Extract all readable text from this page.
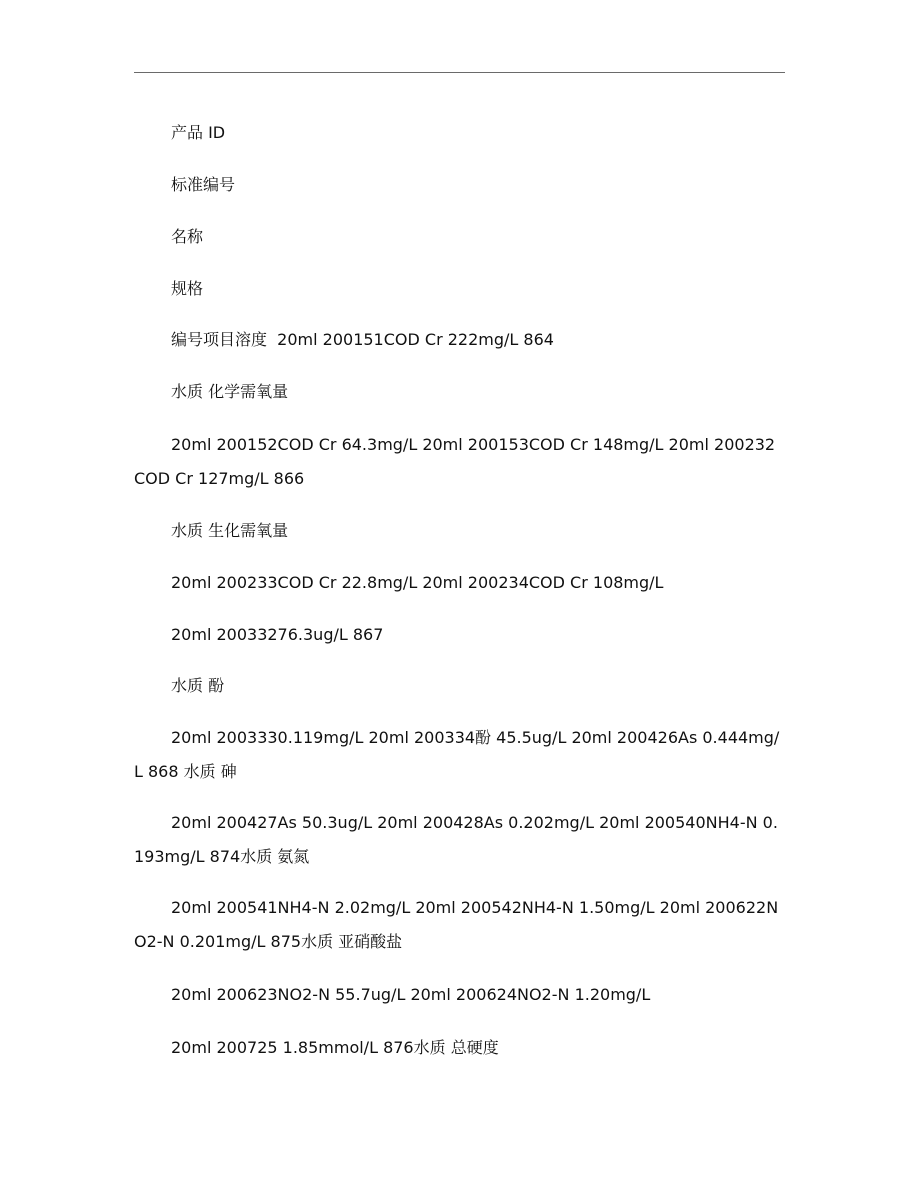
产品 ID
标准编号
名称
规格
编号项目溶度  20ml 200151COD Cr 222mg/L 864
水质 化学需氧量
20ml 200152COD Cr 64.3mg/L 20ml 200153COD Cr 148mg/L 20ml 200232COD Cr 127mg/L 866
水质 生化需氧量
20ml 200233COD Cr 22.8mg/L 20ml 200234COD Cr 108mg/L
20ml 20033276.3ug/L 867
水质 酚
20ml 2003330.119mg/L 20ml 200334酚 45.5ug/L 20ml 200426As 0.444mg/L 868 水质 砷
20ml 200427As 50.3ug/L 20ml 200428As 0.202mg/L 20ml 200540NH4-N 0.193mg/L 874水质 氨氮
20ml 200541NH4-N 2.02mg/L 20ml 200542NH4-N 1.50mg/L 20ml 200622NO2-N 0.201mg/L 875水质 亚硝酸盐
20ml 200623NO2-N 55.7ug/L 20ml 200624NO2-N 1.20mg/L
20ml 200725 1.85mmol/L 876水质 总硬度
